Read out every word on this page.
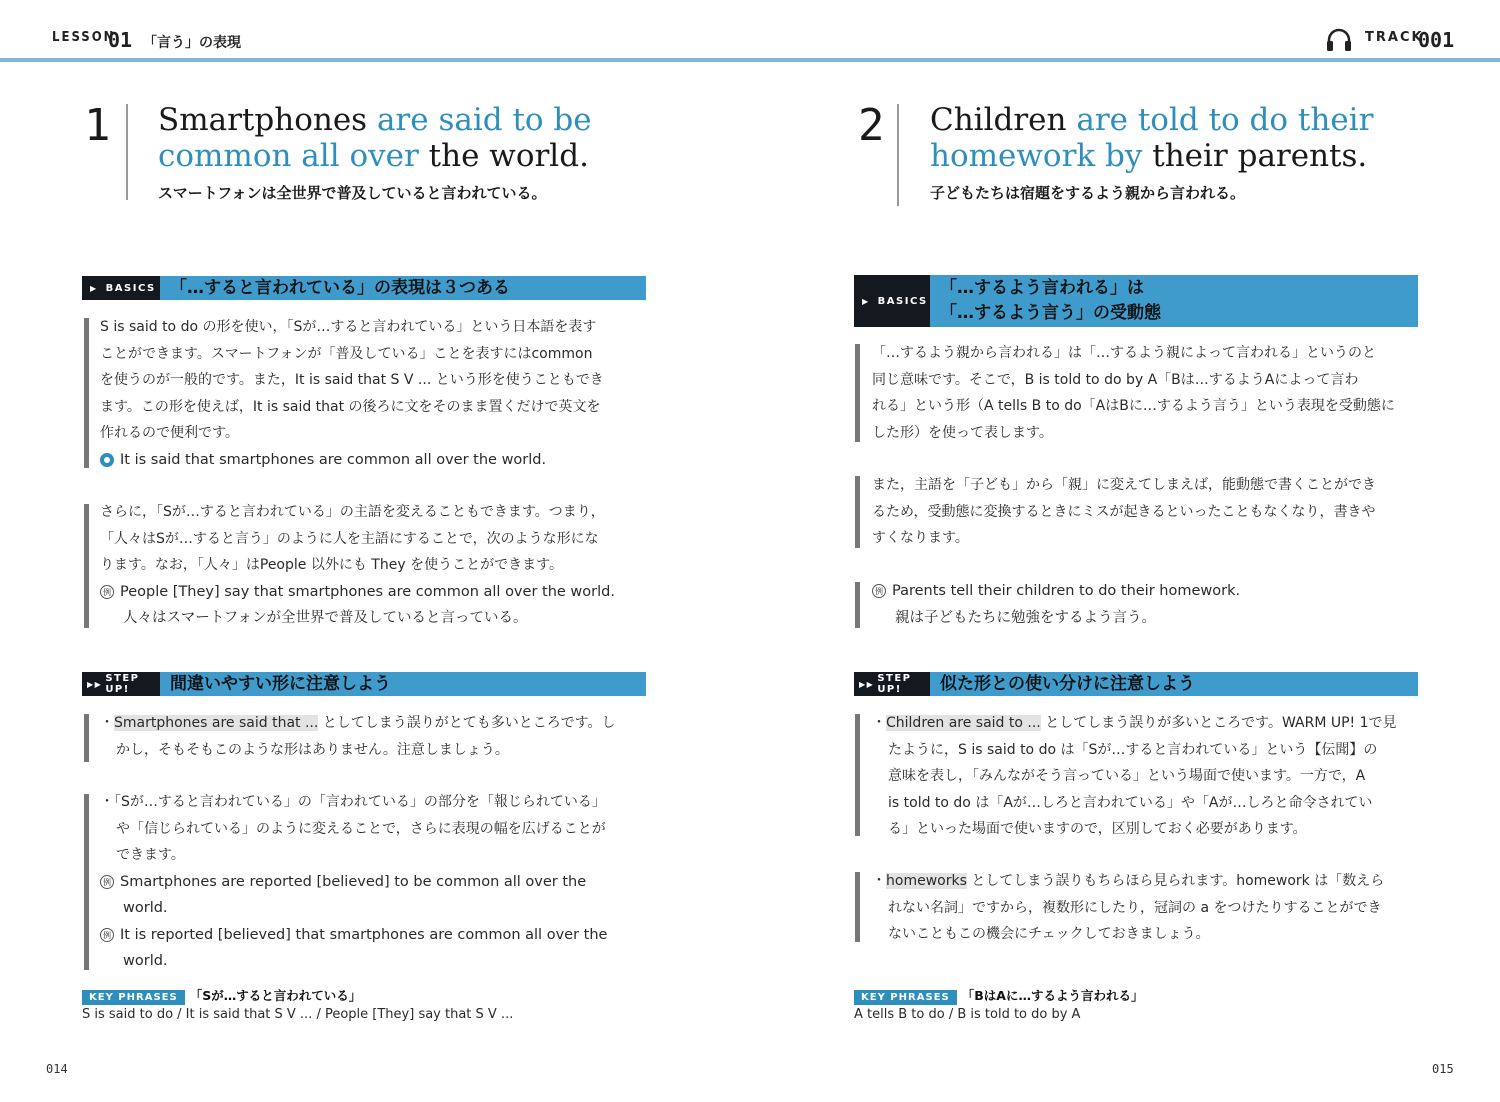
LESSON
01 「言う」の表現	TRACK
001
1 Smartphones are said to be
common all over the world.
スマートフォンは全世界で普及していると言われている。
▶ BASICS 「…すると言われている」の表現は３つある
S is said to do の形を使い，「Sが…すると言われている」という日本語を表す
ことができます。スマートフォンが「普及している」ことを表すにはcommon
を使うのが一般的です。また，It is said that S V ... という形を使うこともでき
ます。この形を使えば，It is said that の後ろに文をそのまま置くだけで英文を
作れるので便利です。
It is said that smartphones are common all over the world.
さらに，「Sが…すると言われている」の主語を変えることもできます。つまり，
「人々はSが…すると言う」のように人を主語にすることで，次のような形にな
ります。なお，「人々」はPeople 以外にも They を使うことができます。
例 People [They] say that smartphones are common all over the world.
人々はスマートフォンが全世界で普及していると言っている。
▶▶ STEP UP!	間違いやすい形に注意しよう
・Smartphones are said that ... としてしまう誤りがとても多いところです。し
かし，そもそもこのような形はありません。注意しましょう。
・「Sが…すると言われている」の「言われている」の部分を「報じられている」
や「信じられている」のように変えることで，さらに表現の幅を広げることが
できます。
例 Smartphones are reported [believed] to be common all over the
world.
例 It is reported [believed] that smartphones are common all over the
world.
KEY PHRASES 「Sが…すると言われている」
S is said to do / It is said that S V ... / People [They] say that S V ...
014
2 Children are told to do their
homework by their parents.
子どもたちは宿題をするよう親から言われる。
▶ BASICS
「…するよう言われる」は
「…するよう言う」の受動態
「…するよう親から言われる」は「…するよう親によって言われる」というのと
同じ意味です。そこで，B is told to do by A「Bは…するようAによって言わ
れる」という形（A tells B to do「AはBに…するよう言う」という表現を受動態に
した形）を使って表します。
また，主語を「子ども」から「親」に変えてしまえば，能動態で書くことができ
るため，受動態に変換するときにミスが起きるといったこともなくなり，書きや
すくなります。
例 Parents tell their children to do their homework.
親は子どもたちに勉強をするよう言う。
▶▶ STEP UP!	似た形との使い分けに注意しよう
・Children are said to ... としてしまう誤りが多いところです。WARM UP! 1で見
たように，S is said to do は「Sが…すると言われている」という【伝聞】の
意味を表し，「みんながそう言っている」という場面で使います。一方で，A
is told to do は「Aが…しろと言われている」や「Aが…しろと命令されてい
る」といった場面で使いますので，区別しておく必要があります。
・homeworks としてしまう誤りもちらほら見られます。homework は「数えら
れない名詞」ですから，複数形にしたり，冠詞の a をつけたりすることができ
ないこともこの機会にチェックしておきましょう。
KEY PHRASES 「BはAに…するよう言われる」
A tells B to do / B is told to do by A
015
